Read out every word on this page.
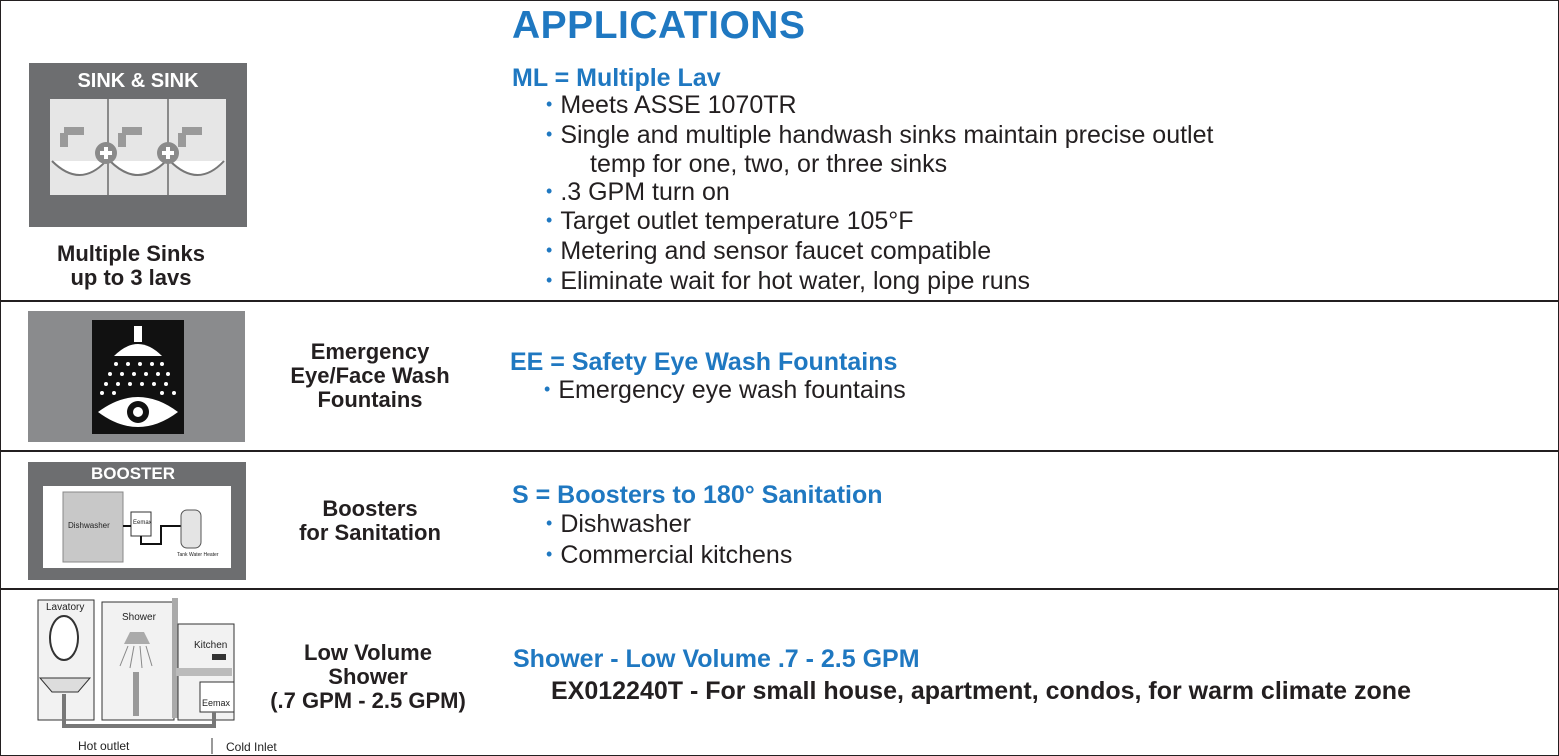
APPLICATIONS
SINK & SINK
Multiple Sinks
up to 3 lavs
ML = Multiple Lav
• Meets ASSE 1070TR
• Single and multiple handwash sinks maintain precise outlet
temp for one, two, or three sinks
• .3 GPM turn on
• Target outlet temperature 105°F
• Metering and sensor faucet compatible
• Eliminate wait for hot water, long pipe runs
Emergency
Eye/Face Wash
Fountains
EE = Safety Eye Wash Fountains
• Emergency eye wash fountains
BOOSTER
Dishwasher	Eemax
Tank Water Heater
Boosters
for Sanitation
S = Boosters to 180° Sanitation
• Dishwasher
• Commercial kitchens
Lavatory
Shower
Kitchen
Eemax
Hot outlet	Cold Inlet
Low Volume
Shower
(.7 GPM - 2.5 GPM)
Shower - Low Volume .7 - 2.5 GPM
EX012240T - For small house, apartment, condos, for warm climate zone
